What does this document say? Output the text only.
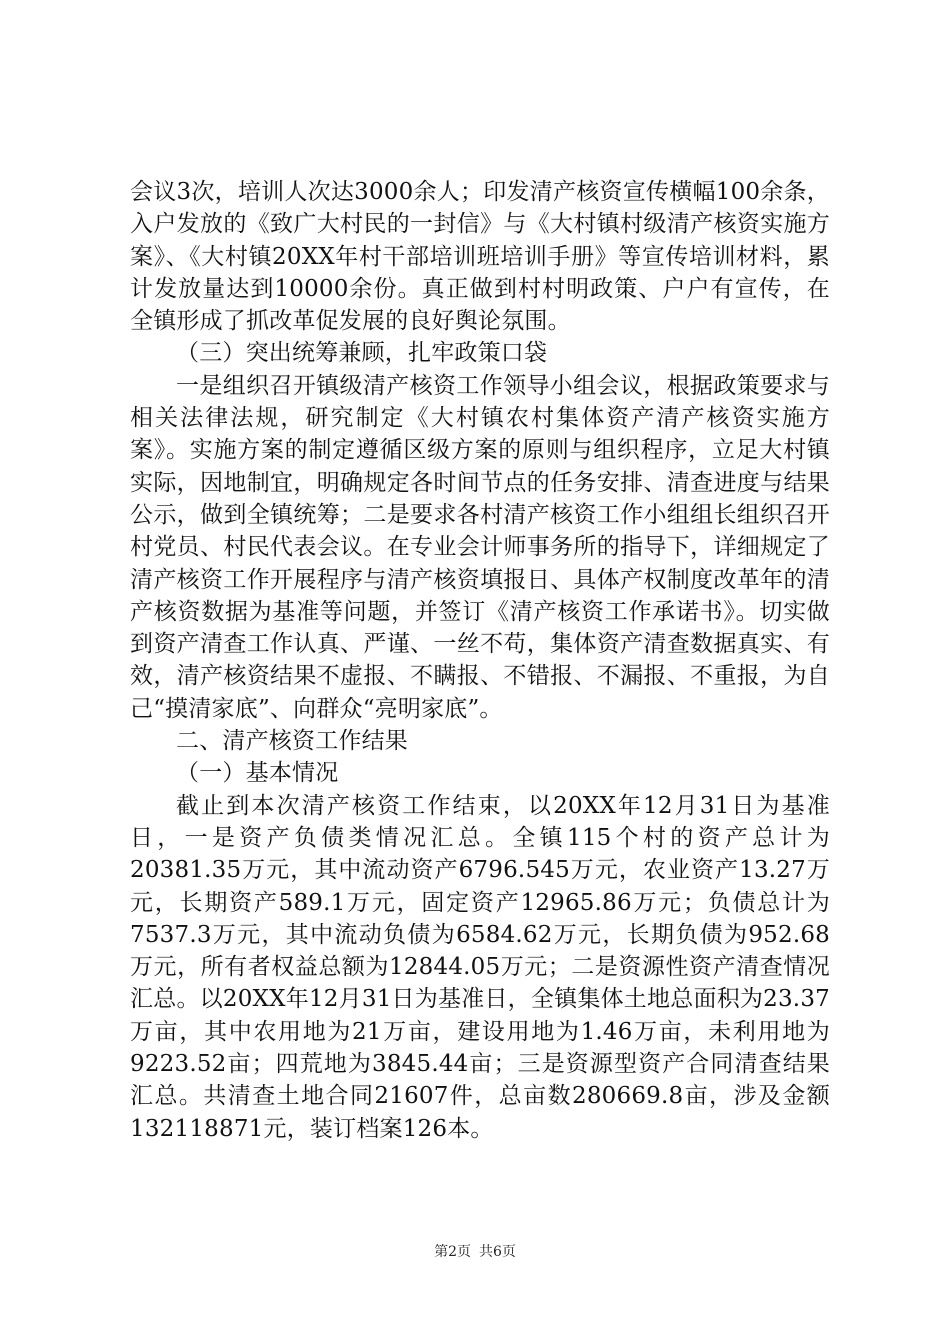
会议3次，培训人次达3000余人；印发清产核资宣传横幅100余条，入户发放的《致广大村民的一封信》与《大村镇村级清产核资实施方案》、《大村镇20XX年村干部培训班培训手册》等宣传培训材料，累计发放量达到10000余份。真正做到村村明政策、户户有宣传，在全镇形成了抓改革促发展的良好舆论氛围。

（三）突出统筹兼顾，扎牢政策口袋

一是组织召开镇级清产核资工作领导小组会议，根据政策要求与相关法律法规，研究制定《大村镇农村集体资产清产核资实施方案》。实施方案的制定遵循区级方案的原则与组织程序，立足大村镇实际，因地制宜，明确规定各时间节点的任务安排、清查进度与结果公示，做到全镇统筹；二是要求各村清产核资工作小组组长组织召开村党员、村民代表会议。在专业会计师事务所的指导下，详细规定了清产核资工作开展程序与清产核资填报日、具体产权制度改革年的清产核资数据为基准等问题，并签订《清产核资工作承诺书》。切实做到资产清查工作认真、严谨、一丝不苟，集体资产清查数据真实、有效，清产核资结果不虚报、不瞒报、不错报、不漏报、不重报，为自己“摸清家底”、向群众“亮明家底”。

二、清产核资工作结果

（一）基本情况

截止到本次清产核资工作结束，以20XX年12月31日为基准日，一是资产负债类情况汇总。全镇115个村的资产总计为20381.35万元，其中流动资产6796.545万元，农业资产13.27万元，长期资产589.1万元，固定资产12965.86万元；负债总计为7537.3万元，其中流动负债为6584.62万元，长期负债为952.68万元，所有者权益总额为12844.05万元；二是资源性资产清查情况汇总。以20XX年12月31日为基准日，全镇集体土地总面积为23.37万亩，其中农用地为21万亩，建设用地为1.46万亩，未利用地为9223.52亩；四荒地为3845.44亩；三是资源型资产合同清查结果汇总。共清查土地合同21607件，总亩数280669.8亩，涉及金额132118871元，装订档案126本。

第2页 共6页
